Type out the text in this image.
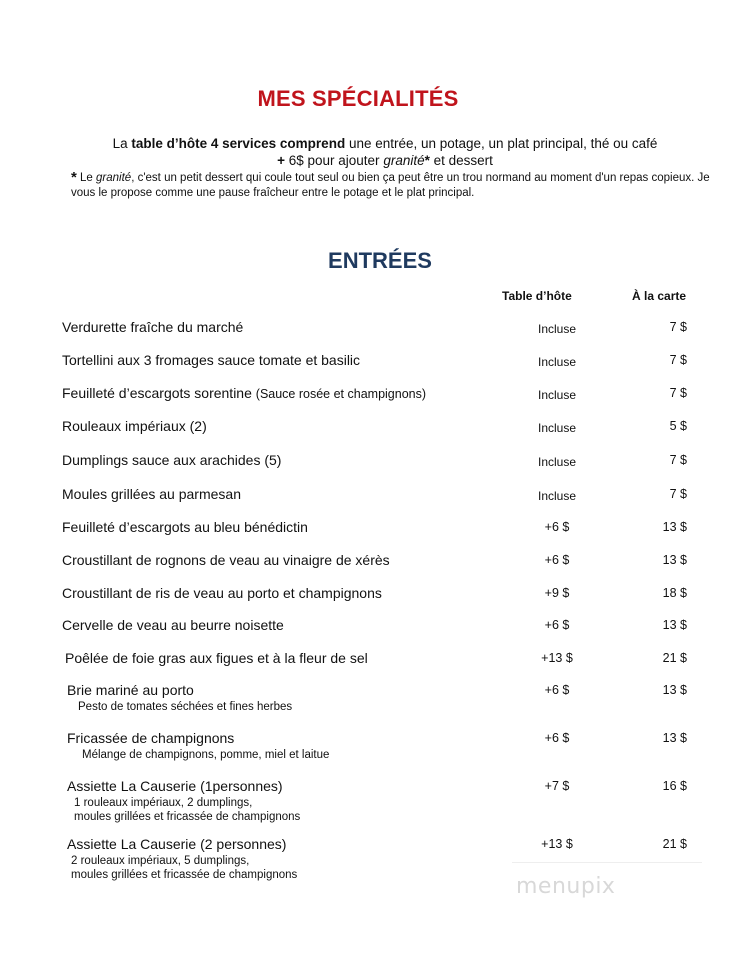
MES SPÉCIALITÉS
La table d’hôte 4 services comprend une entrée, un potage, un plat principal, thé ou café
+ 6$ pour ajouter granité* et dessert
* Le granité, c'est un petit dessert qui coule tout seul ou bien ça peut être un trou normand au moment d'un repas copieux. Je vous le propose comme une pause fraîcheur entre le potage et le plat principal.
ENTRÉES
Table d’hôte	À la carte
Verdurette fraîche du marché	Incluse	7 $
Tortellini aux 3 fromages sauce tomate et basilic	Incluse	7 $
Feuilleté d’escargots sorentine (Sauce rosée et champignons)	Incluse	7 $
Rouleaux impériaux (2)	Incluse	5 $
Dumplings sauce aux arachides (5)	Incluse	7 $
Moules grillées au parmesan	Incluse	7 $
Feuilleté d’escargots au bleu bénédictin	+6 $	13 $
Croustillant de rognons de veau au vinaigre de xérès	+6 $	13 $
Croustillant de ris de veau au porto et champignons	+9 $	18 $
Cervelle de veau au beurre noisette	+6 $	13 $
Poêlée de foie gras aux figues et à la fleur de sel	+13 $	21 $
Brie mariné au porto	+6 $	13 $
Pesto de tomates séchées et fines herbes
Fricassée de champignons	+6 $	13 $
Mélange de champignons, pomme, miel et laitue
Assiette La Causerie (1personnes)	+7 $	16 $
1 rouleaux impériaux, 2 dumplings,
moules grillées et fricassée de champignons
Assiette La Causerie (2 personnes)	+13 $	21 $
2 rouleaux impériaux, 5 dumplings,
moules grillées et fricassée de champignons	menupix
